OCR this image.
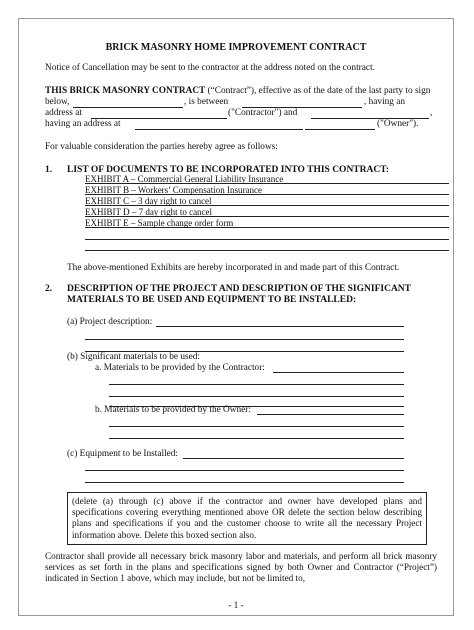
BRICK MASONRY HOME IMPROVEMENT CONTRACT
Notice of Cancellation may be sent to the contractor at the address noted on the contract.
THIS BRICK MASONRY CONTRACT (“Contract”), effective as of the date of the last party to sign
below,	, is between	, having an
address at	("Contractor") and	,
having an address at	("Owner").
For valuable consideration the parties hereby agree as follows:
1. LIST OF DOCUMENTS TO BE INCORPORATED INTO THIS CONTRACT:
EXHIBIT A – Commercial General Liability Insurance
EXHIBIT B – Workers’ Compensation Insurance
EXHIBIT C – 3 day right to cancel
EXHIBIT D – 7 day right to cancel
EXHIBIT E – Sample change order form
The above-mentioned Exhibits are hereby incorporated in and made part of this Contract.
2. DESCRIPTION OF THE PROJECT AND DESCRIPTION OF THE SIGNIFICANT
MATERIALS TO BE USED AND EQUIPMENT TO BE INSTALLED:
(a) Project description:
(b) Significant materials to be used:
a. Materials to be provided by the Contractor:
b. Materials to be provided by the Owner:
(c) Equipment to be Installed:
(delete (a) through (c) above if the contractor and owner have developed plans and specifications covering everything mentioned above OR delete the section below describing plans and specifications if you and the customer choose to write all the necessary Project information above. Delete this boxed section also.
Contractor shall provide all necessary brick masonry labor and materials, and perform all brick masonry services as set forth in the plans and specifications signed by both Owner and Contractor (“Project”) indicated in Section 1 above, which may include, but not be limited to,
- 1 -
